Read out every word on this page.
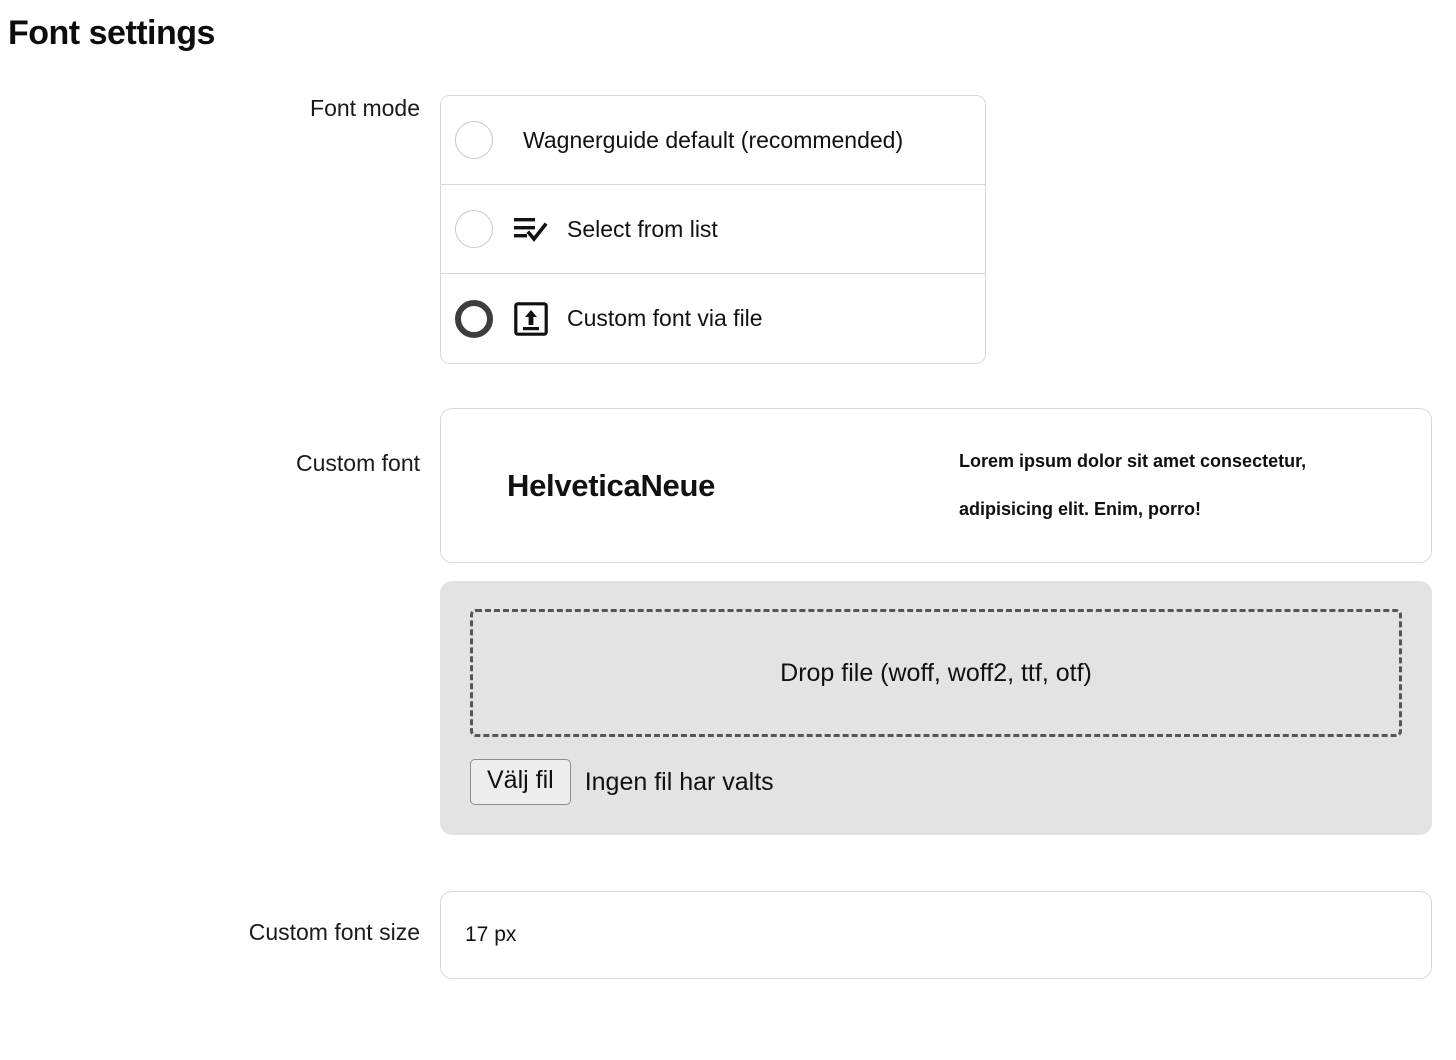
Font settings
Font mode
Wagnerguide default (recommended)
Select from list
Custom font via file
Custom font
HelveticaNeue
Lorem ipsum dolor sit amet consectetur, adipisicing elit. Enim, porro!
Drop file (woff, woff2, ttf, otf)
Välj fil	Ingen fil har valts
Custom font size	17 px
